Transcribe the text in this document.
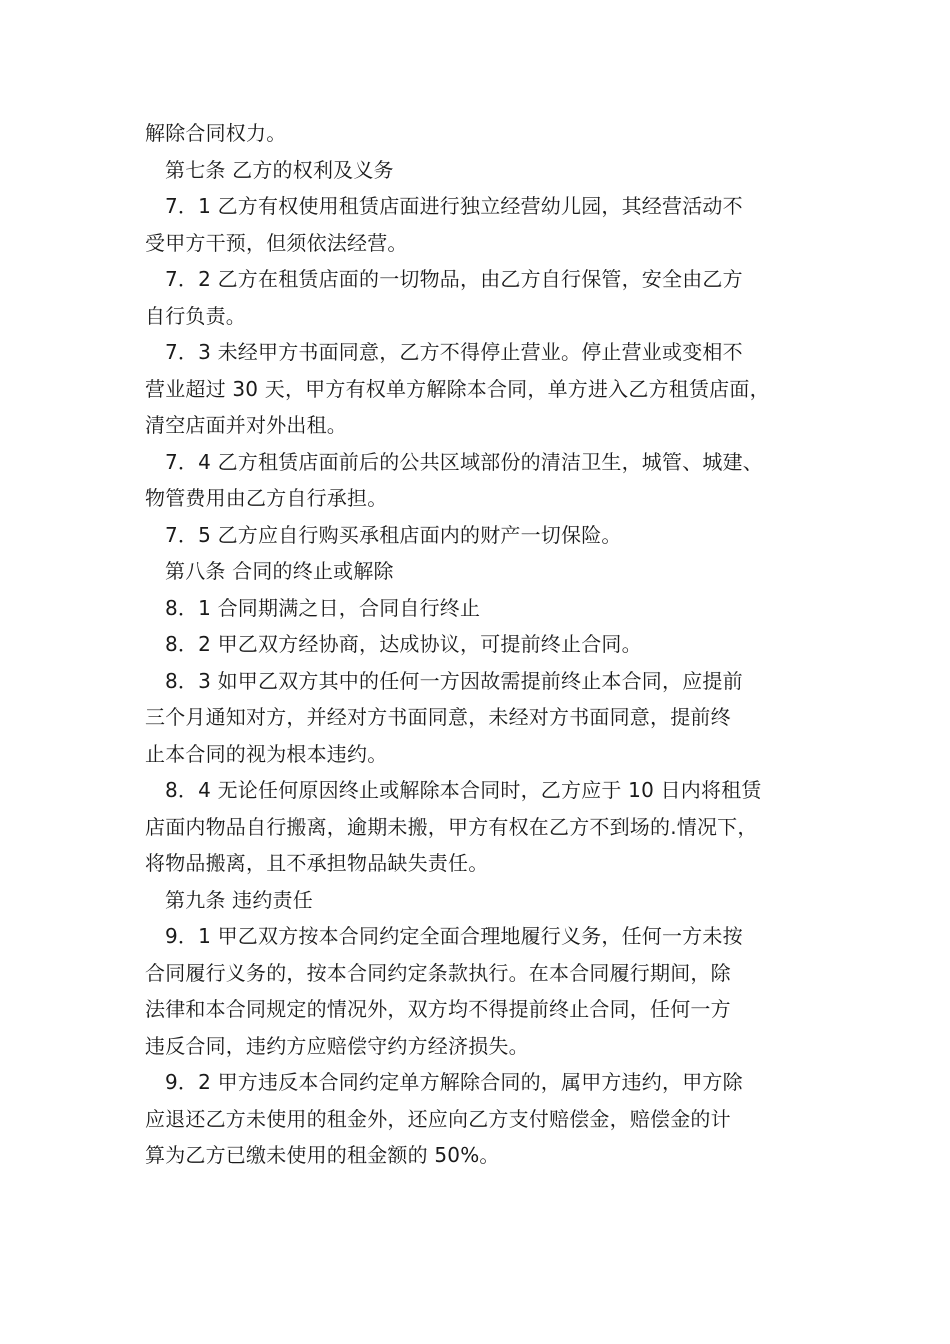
解除合同权力。

第七条 乙方的权利及义务

7．1 乙方有权使用租赁店面进行独立经营幼儿园，其经营活动不

受甲方干预，但须依法经营。

7．2 乙方在租赁店面的一切物品，由乙方自行保管，安全由乙方

自行负责。

7．3 未经甲方书面同意，乙方不得停止营业。停止营业或变相不

营业超过 30 天，甲方有权单方解除本合同，单方进入乙方租赁店面，

清空店面并对外出租。

7．4 乙方租赁店面前后的公共区域部份的清洁卫生，城管、城建、

物管费用由乙方自行承担。

7．5 乙方应自行购买承租店面内的财产一切保险。

第八条 合同的终止或解除

8．1 合同期满之日，合同自行终止

8．2 甲乙双方经协商，达成协议，可提前终止合同。

8．3 如甲乙双方其中的任何一方因故需提前终止本合同，应提前

三个月通知对方，并经对方书面同意，未经对方书面同意，提前终

止本合同的视为根本违约。

8．4 无论任何原因终止或解除本合同时，乙方应于 10 日内将租赁

店面内物品自行搬离，逾期未搬，甲方有权在乙方不到场的.情况下，

将物品搬离，且不承担物品缺失责任。

第九条 违约责任

9．1 甲乙双方按本合同约定全面合理地履行义务，任何一方未按

合同履行义务的，按本合同约定条款执行。在本合同履行期间，除

法律和本合同规定的情况外，双方均不得提前终止合同，任何一方

违反合同，违约方应赔偿守约方经济损失。

9．2 甲方违反本合同约定单方解除合同的，属甲方违约，甲方除

应退还乙方未使用的租金外，还应向乙方支付赔偿金，赔偿金的计

算为乙方已缴未使用的租金额的 50%。
